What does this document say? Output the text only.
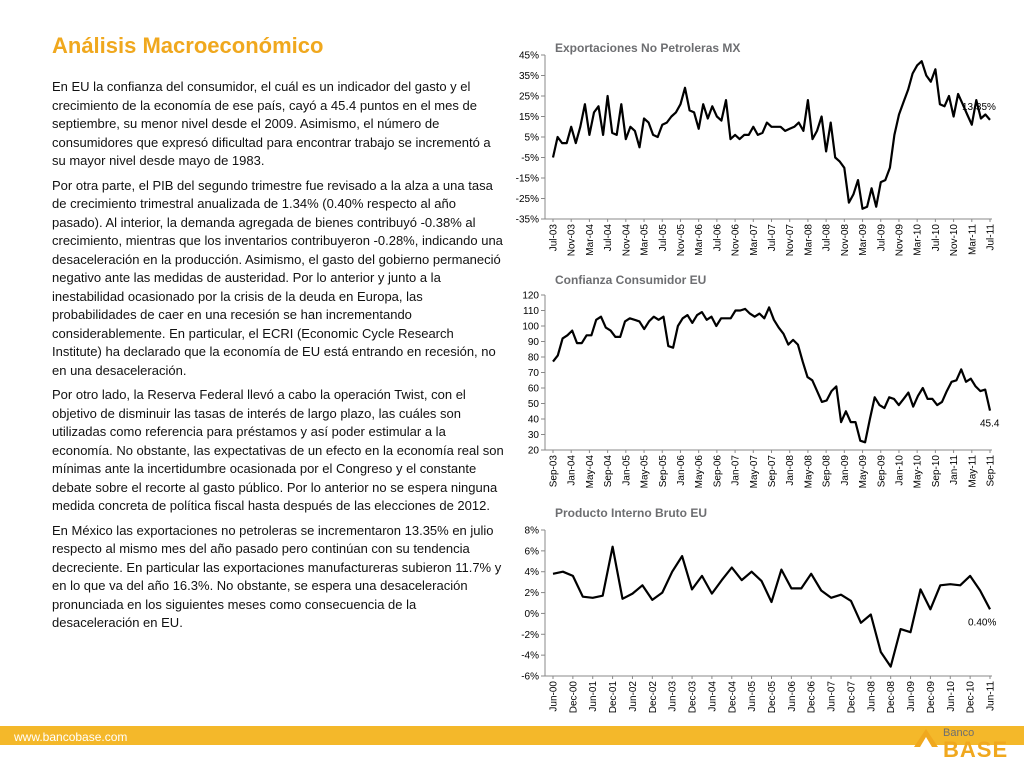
Análisis Macroeconómico

En EU la confianza del consumidor, el cuál es un indicador del gasto y el crecimiento de la economía de ese país, cayó a 45.4 puntos en el mes de septiembre, su menor nivel desde el 2009. Asimismo, el número de consumidores que expresó dificultad para encontrar trabajo se incrementó a su mayor nivel desde mayo de 1983.

Por otra parte, el PIB del segundo trimestre fue revisado a la alza a una tasa de crecimiento trimestral anualizada de 1.34% (0.40% respecto al año pasado). Al interior, la demanda agregada de bienes contribuyó -0.38% al crecimiento, mientras que los inventarios contribuyeron -0.28%, indicando una desaceleración en la producción. Asimismo, el gasto del gobierno permaneció negativo ante las medidas de austeridad. Por lo anterior y junto a la inestabilidad ocasionado por la crisis de la deuda en Europa, las probabilidades de caer en una recesión se han incrementando considerablemente. En particular, el ECRI (Economic Cycle Research Institute) ha declarado que la economía de EU está entrando en recesión, no en una desaceleración.

Por otro lado, la Reserva Federal llevó a cabo la operación Twist, con el objetivo de disminuir las tasas de interés de largo plazo, las cuáles son utilizadas como referencia para préstamos y así poder estimular a la economía. No obstante, las expectativas de un efecto en la economía real son mínimas ante la incertidumbre ocasionada por el Congreso y el constante debate sobre el recorte al gasto público. Por lo anterior no se espera ninguna medida concreta de política fiscal hasta después de las elecciones de 2012.

En México las exportaciones no petroleras se incrementaron 13.35% en julio respecto al mismo mes del año pasado pero continúan con su tendencia decreciente. En particular las exportaciones manufactureras subieron 11.7% y en lo que va del año 16.3%. No obstante, se espera una desaceleración pronunciada en los siguientes meses como consecuencia de la desaceleración en EU.

Exportaciones No Petroleras MX
Confianza Consumidor EU
Producto Interno Bruto EU
45%
35%
25%
15%
5%
-5%
-15%
-25%
-35%
Jul-03 Nov-03 Mar-04 Jul-04 Nov-04 Mar-05 Jul-05 Nov-05 Mar-06 Jul-06 Nov-06 Mar-07 Jul-07 Nov-07 Mar-08 Jul-08 Nov-08 Mar-09 Jul-09 Nov-09 Mar-10 Jul-10 Nov-10 Mar-11 Jul-11
13.35%
120
110
100
90
80
70
60
50
40
30
20
Sep-03 Jan-04 May-04 Sep-04 Jan-05 May-05 Sep-05 Jan-06 May-06 Sep-06 Jan-07 May-07 Sep-07 Jan-08 May-08 Sep-08 Jan-09 May-09 Sep-09 Jan-10 May-10 Sep-10 Jan-11 May-11 Sep-11
45.4
8%
6%
4%
2%
0%
-2%
-4%
-6%
Jun-00 Dec-00 Jun-01 Dec-01 Jun-02 Dec-02 Jun-03 Dec-03 Jun-04 Dec-04 Jun-05 Dec-05 Jun-06 Dec-06 Jun-07 Dec-07 Jun-08 Dec-08 Jun-09 Dec-09 Jun-10 Dec-10 Jun-11
0.40%
www.bancobase.com	Banco
BASE
